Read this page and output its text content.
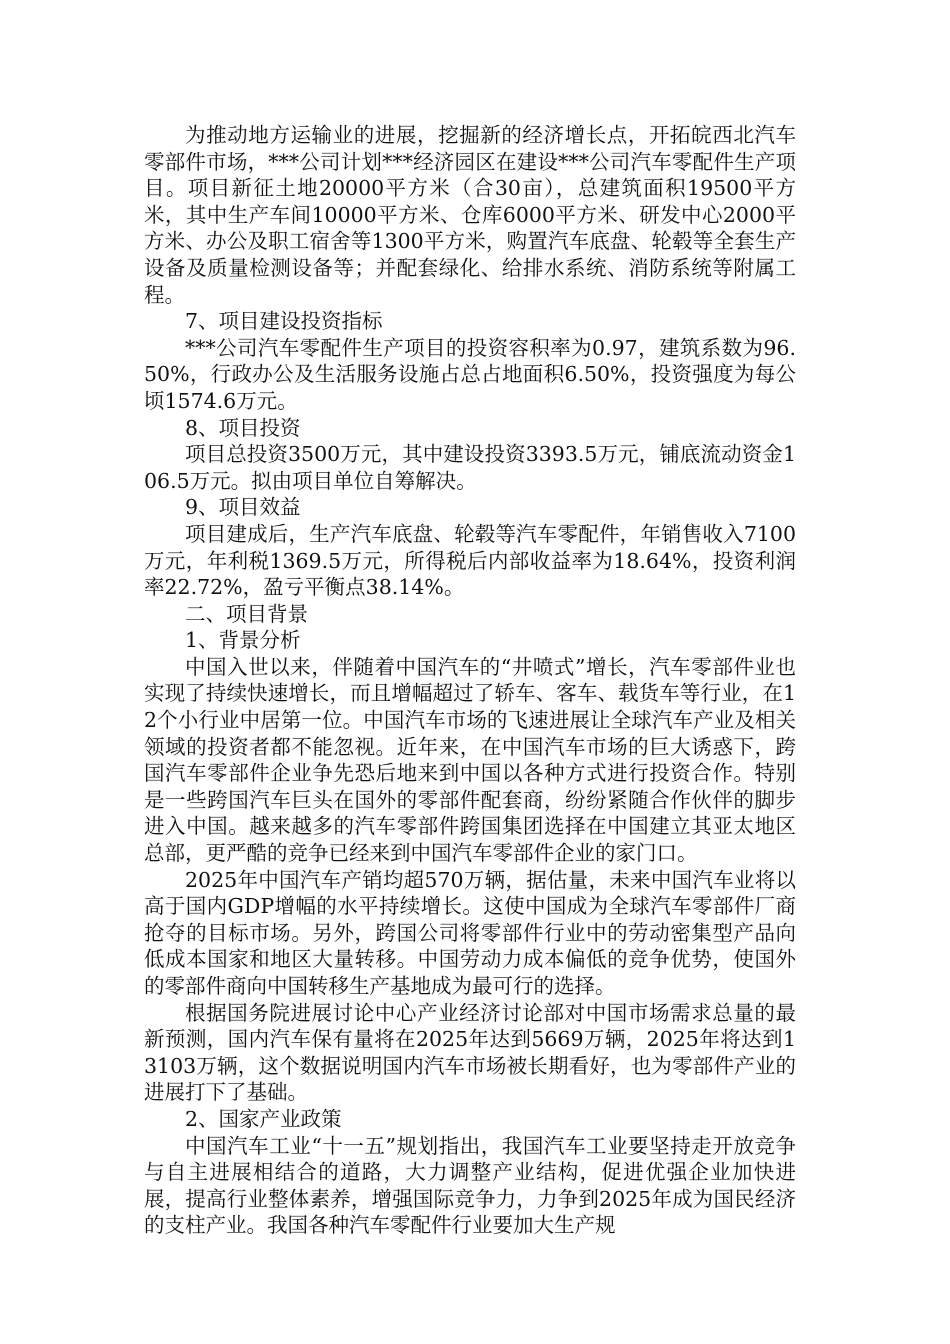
为推动地方运输业的进展，挖掘新的经济增长点，开拓皖西北汽车零部件市场，***公司计划***经济园区在建设***公司汽车零配件生产项目。项目新征土地20000平方米（合30亩），总建筑面积19500平方米，其中生产车间10000平方米、仓库6000平方米、研发中心2000平方米、办公及职工宿舍等1300平方米，购置汽车底盘、轮毂等全套生产设备及质量检测设备等；并配套绿化、给排水系统、消防系统等附属工程。

7、项目建设投资指标

***公司汽车零配件生产项目的投资容积率为0.97，建筑系数为96.50%，行政办公及生活服务设施占总占地面积6.50%，投资强度为每公顷1574.6万元。

8、项目投资

项目总投资3500万元，其中建设投资3393.5万元，铺底流动资金106.5万元。拟由项目单位自筹解决。

9、项目效益

项目建成后，生产汽车底盘、轮毂等汽车零配件，年销售收入7100万元，年利税1369.5万元，所得税后内部收益率为18.64%，投资利润率22.72%，盈亏平衡点38.14%。

二、项目背景

1、背景分析

中国入世以来，伴随着中国汽车的“井喷式”增长，汽车零部件业也实现了持续快速增长，而且增幅超过了轿车、客车、载货车等行业，在12个小行业中居第一位。中国汽车市场的飞速进展让全球汽车产业及相关领域的投资者都不能忽视。近年来，在中国汽车市场的巨大诱惑下，跨国汽车零部件企业争先恐后地来到中国以各种方式进行投资合作。特别是一些跨国汽车巨头在国外的零部件配套商，纷纷紧随合作伙伴的脚步进入中国。越来越多的汽车零部件跨国集团选择在中国建立其亚太地区总部，更严酷的竞争已经来到中国汽车零部件企业的家门口。

2025年中国汽车产销均超570万辆，据估量，未来中国汽车业将以高于国内GDP增幅的水平持续增长。这使中国成为全球汽车零部件厂商抢夺的目标市场。另外，跨国公司将零部件行业中的劳动密集型产品向低成本国家和地区大量转移。中国劳动力成本偏低的竞争优势，使国外的零部件商向中国转移生产基地成为最可行的选择。

根据国务院进展讨论中心产业经济讨论部对中国市场需求总量的最新预测，国内汽车保有量将在2025年达到5669万辆，2025年将达到13103万辆，这个数据说明国内汽车市场被长期看好，也为零部件产业的进展打下了基础。

2、国家产业政策

中国汽车工业“十一五”规划指出，我国汽车工业要坚持走开放竞争与自主进展相结合的道路，大力调整产业结构，促进优强企业加快进展，提高行业整体素养，增强国际竞争力，力争到2025年成为国民经济的支柱产业。我国各种汽车零配件行业要加大生产规
